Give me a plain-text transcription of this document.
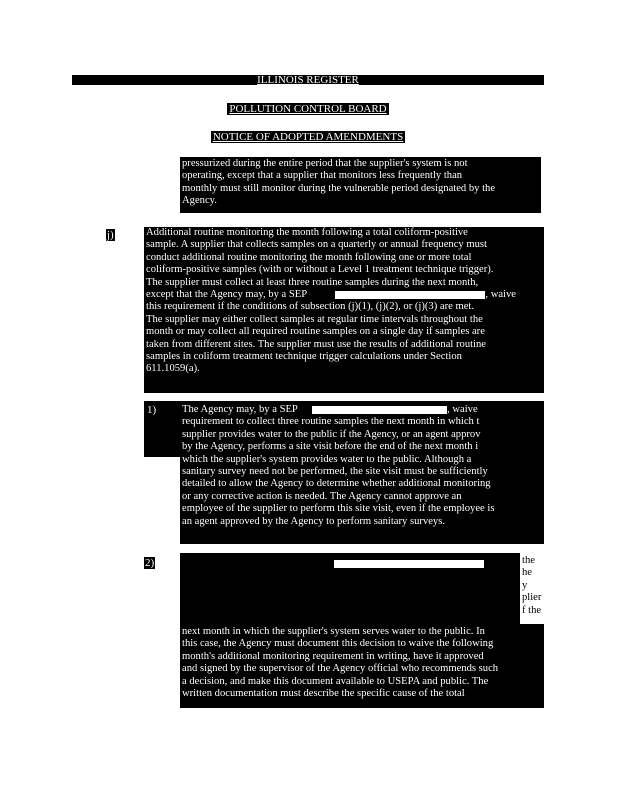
ILLINOIS REGISTER
POLLUTION CONTROL BOARD
NOTICE OF ADOPTED AMENDMENTS
pressurized during the entire period that the supplier's system is not
operating, except that a supplier that monitors less frequently than
monthly must still monitor during the vulnerable period designated by the
Agency.
j)	Additional routine monitoring the month following a total coliform-positive
sample. A supplier that collects samples on a quarterly or annual frequency must
conduct additional routine monitoring the month following one or more total
coliform-positive samples (with or without a Level 1 treatment technique trigger).
The supplier must collect at least three routine samples during the next month,
except that the Agency may, by a SEP	, waive
this requirement if the conditions of subsection (j)(1), (j)(2), or (j)(3) are met.
The supplier may either collect samples at regular time intervals throughout the
month or may collect all required routine samples on a single day if samples are
taken from different sites. The supplier must use the results of additional routine
samples in coliform treatment technique trigger calculations under Section
611.1059(a).
1) The Agency may, by a SEP	, waive
requirement to collect three routine samples the next month in which t
supplier provides water to the public if the Agency, or an agent approv
by the Agency, performs a site visit before the end of the next month i
which the supplier's system provides water to the public. Although a
sanitary survey need not be performed, the site visit must be sufficiently
detailed to allow the Agency to determine whether additional monitoring
or any corrective action is needed. The Agency cannot approve an
employee of the supplier to perform this site visit, even if the employee is
an agent approved by the Agency to perform sanitary surveys.
2)	the
he
y
plier
f the
next month in which the supplier's system serves water to the public. In
this case, the Agency must document this decision to waive the following
month's additional monitoring requirement in writing, have it approved
and signed by the supervisor of the Agency official who recommends such
a decision, and make this document available to USEPA and public. The
written documentation must describe the specific cause of the total
